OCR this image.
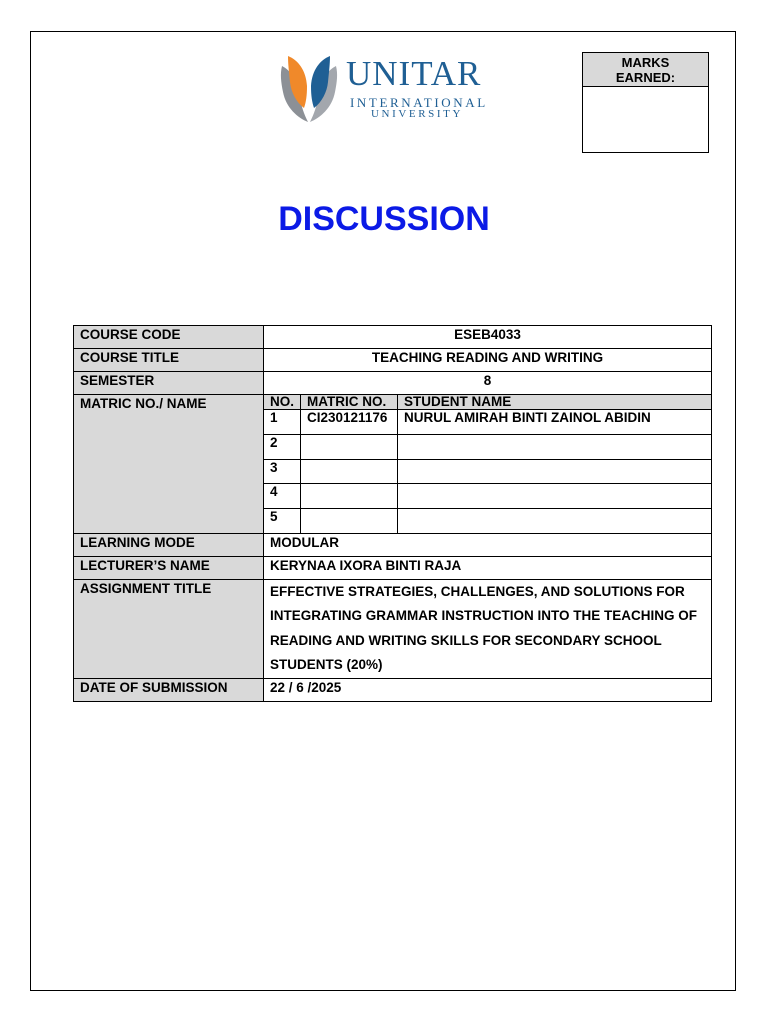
UNITAR
INTERNATIONAL
UNIVERSITY
MARKS
EARNED:
DISCUSSION
COURSE CODE	ESEB4033
COURSE TITLE	TEACHING READING AND WRITING
SEMESTER	8
MATRIC NO./ NAME		NO.	MATRIC NO.	STUDENT NAME
1	CI230121176	NURUL AMIRAH BINTI ZAINOL ABIDIN
2		
3		
4		
5		

LEARNING MODE	MODULAR
LECTURER’S NAME	KERYNAA IXORA BINTI RAJA
ASSIGNMENT TITLE	EFFECTIVE STRATEGIES, CHALLENGES, AND SOLUTIONS FOR
INTEGRATING GRAMMAR INSTRUCTION INTO THE TEACHING OF
READING AND WRITING SKILLS FOR SECONDARY SCHOOL
STUDENTS (20%)

DATE OF SUBMISSION	22 / 6 /2025
